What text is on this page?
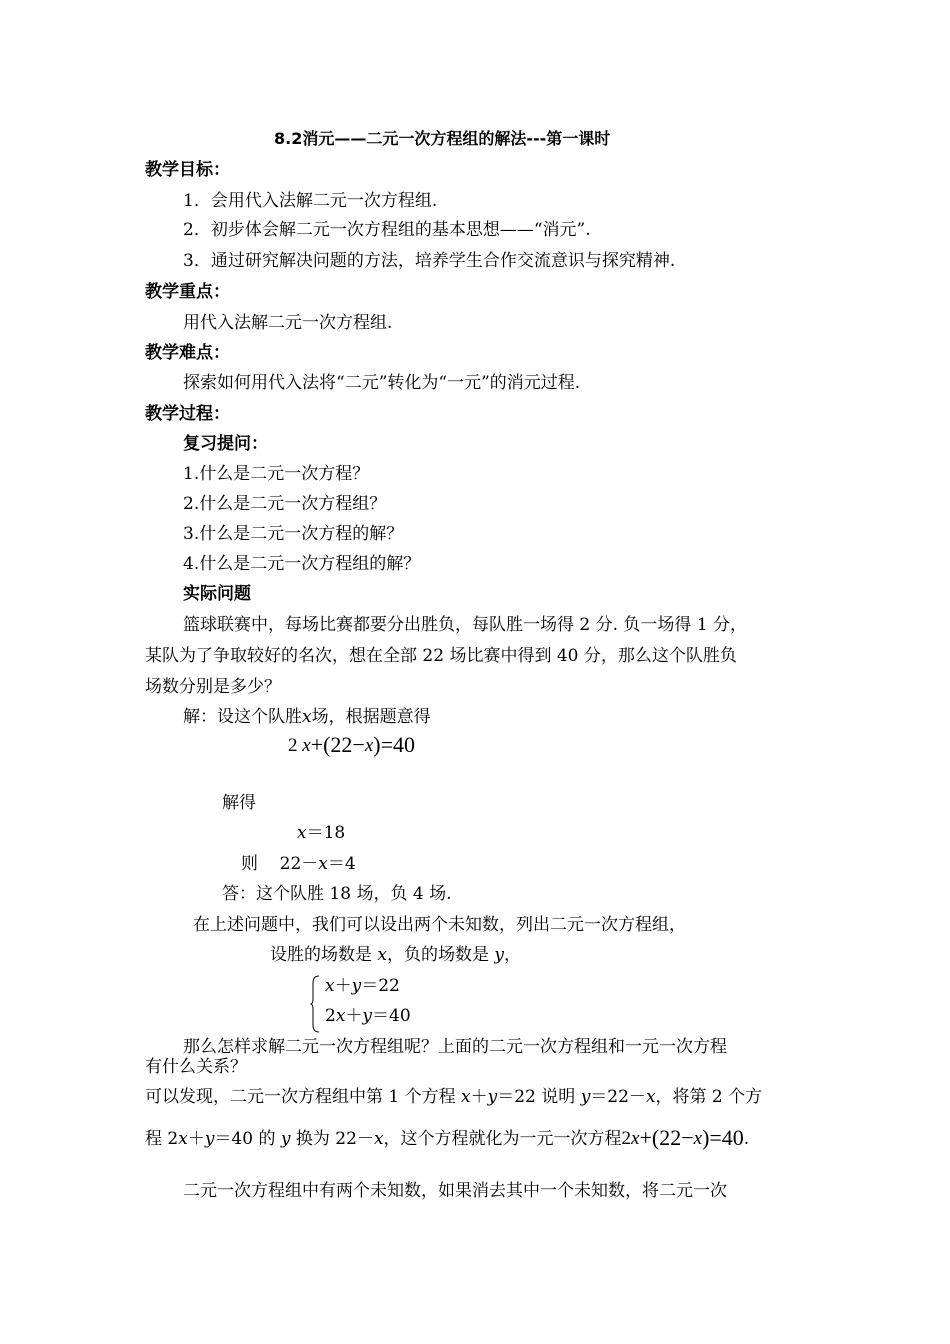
8.2消元——二元一次方程组的解法---第一课时
教学目标：
1．会用代入法解二元一次方程组.
2．初步体会解二元一次方程组的基本思想——“消元”.
3．通过研究解决问题的方法，培养学生合作交流意识与探究精神.
教学重点：
用代入法解二元一次方程组.
教学难点：
探索如何用代入法将“二元”转化为“一元”的消元过程.
教学过程：
复习提问：
1.什么是二元一次方程？
2.什么是二元一次方程组？
3.什么是二元一次方程的解？
4.什么是二元一次方程组的解？
实际问题
篮球联赛中，每场比赛都要分出胜负，每队胜一场得 2 分. 负一场得 1 分，
某队为了争取较好的名次，想在全部 22 场比赛中得到 40 分，那么这个队胜负
场数分别是多少？
解：设这个队胜x场，根据题意得
2 x+(22−x)=40
解得
x＝18
则 22－x＝4
答：这个队胜 18 场，负 4 场.
在上述问题中，我们可以设出两个未知数，列出二元一次方程组，
设胜的场数是 x，负的场数是 y，
x＋y＝22
2x＋y＝40
那么怎样求解二元一次方程组呢？上面的二元一次方程组和一元一次方程
有什么关系？
可以发现，二元一次方程组中第 1 个方程 x＋y＝22 说明 y＝22－x，将第 2 个方
程 2x＋y＝40 的 y 换为 22－x，这个方程就化为一元一次方程2x+(22−x)=40.
二元一次方程组中有两个未知数，如果消去其中一个未知数，将二元一次
